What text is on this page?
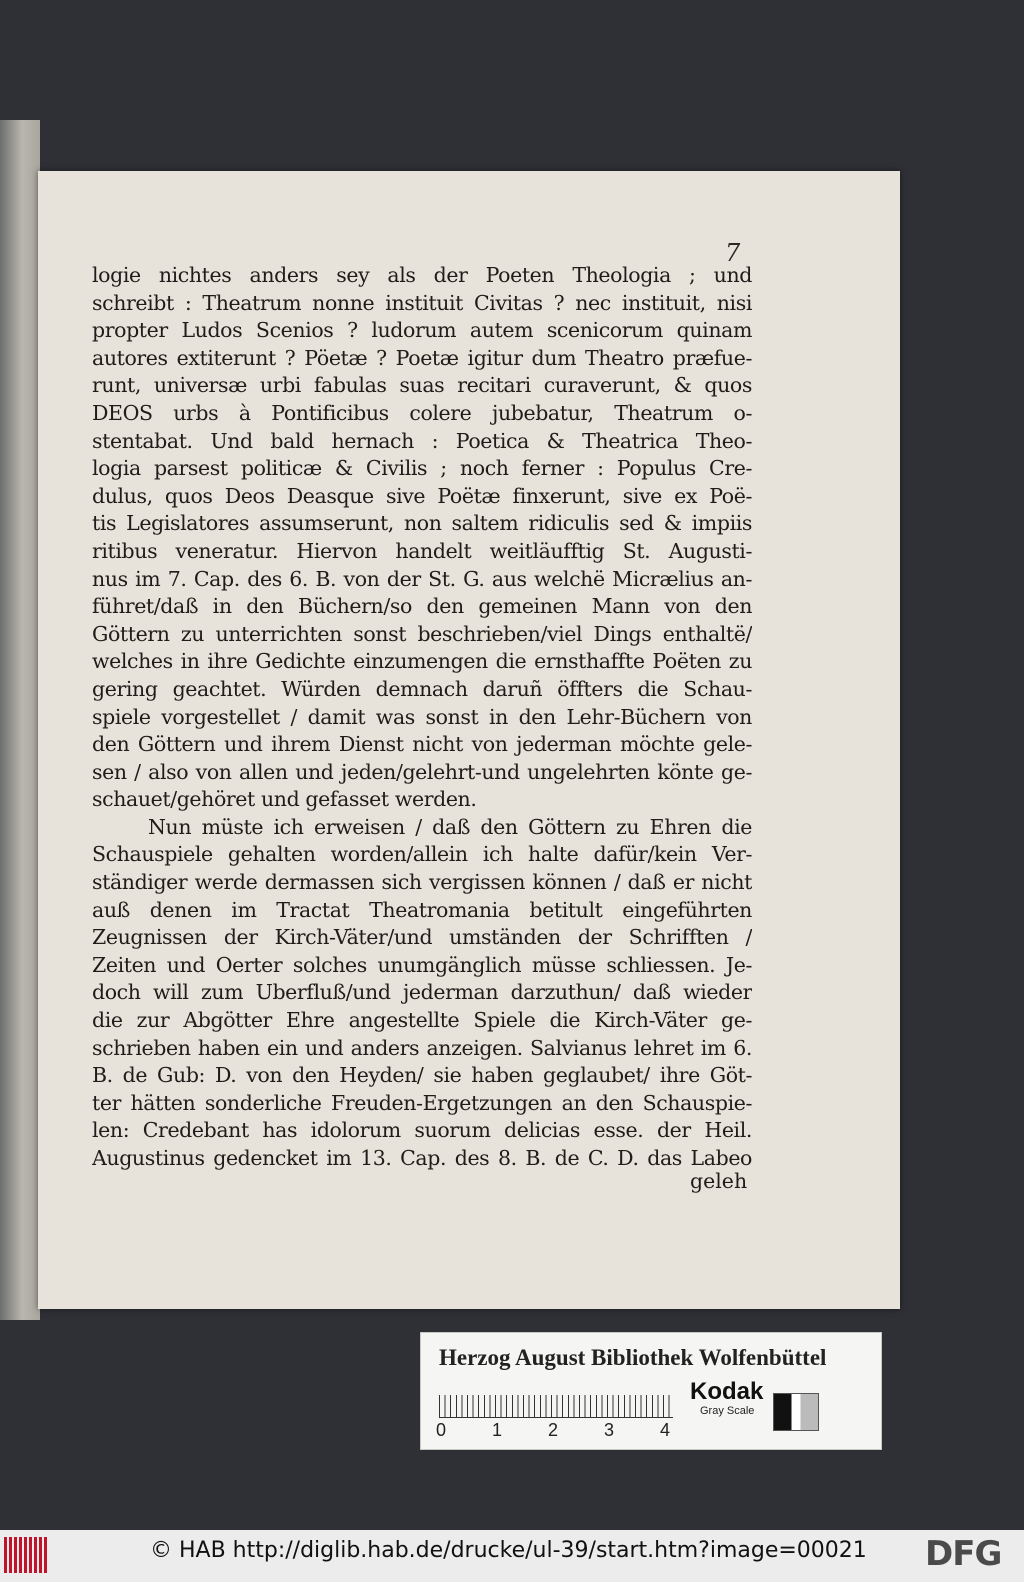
7
logie nichtes anders sey als der Poeten Theologia ; und
schreibt : Theatrum nonne instituit Civitas ? nec instituit, nisi
propter Ludos Scenios ? ludorum autem scenicorum quinam
autores extiterunt ? Pöetæ ? Poetæ igitur dum Theatro præfue-
runt, universæ urbi fabulas suas recitari curaverunt, & quos
DEOS urbs à Pontificibus colere jubebatur, Theatrum o-
stentabat. Und bald hernach : Poetica & Theatrica Theo-
logia parsest politicæ & Civilis ; noch ferner : Populus Cre-
dulus, quos Deos Deasque sive Poëtæ finxerunt, sive ex Poë-
tis Legislatores assumserunt, non saltem ridiculis sed & impiis
ritibus veneratur. Hiervon handelt weitläufftig St. Augusti-
nus im 7. Cap. des 6. B. von der St. G. aus welchë Micrælius an-
führet/daß in den Büchern/so den gemeinen Mann von den
Göttern zu unterrichten sonst beschrieben/viel Dings enthaltë/
welches in ihre Gedichte einzumengen die ernsthaffte Poëten zu
gering geachtet. Würden demnach daruñ öffters die Schau-
spiele vorgestellet / damit was sonst in den Lehr-Büchern von
den Göttern und ihrem Dienst nicht von jederman möchte gele-
sen / also von allen und jeden/gelehrt-und ungelehrten könte ge-
schauet/gehöret und gefasset werden.
Nun müste ich erweisen / daß den Göttern zu Ehren die
Schauspiele gehalten worden/allein ich halte dafür/kein Ver-
ständiger werde dermassen sich vergissen können / daß er nicht
auß denen im Tractat Theatromania betitult eingeführten
Zeugnissen der Kirch-Väter/und umständen der Schrifften /
Zeiten und Oerter solches unumgänglich müsse schliessen. Je-
doch will zum Uberfluß/und jederman darzuthun/ daß wieder
die zur Abgötter Ehre angestellte Spiele die Kirch-Väter ge-
schrieben haben ein und anders anzeigen. Salvianus lehret im 6.
B. de Gub: D. von den Heyden/ sie haben geglaubet/ ihre Göt-
ter hätten sonderliche Freuden-Ergetzungen an den Schauspie-
len: Credebant has idolorum suorum delicias esse. der Heil.
Augustinus gedencket im 13. Cap. des 8. B. de C. D. das Labeo
geleh
Herzog August Bibliothek Wolfenbüttel
0	1	2	3	4
Kodak
Gray Scale
© HAB http://diglib.hab.de/drucke/ul-39/start.htm?image=00021 DFG
